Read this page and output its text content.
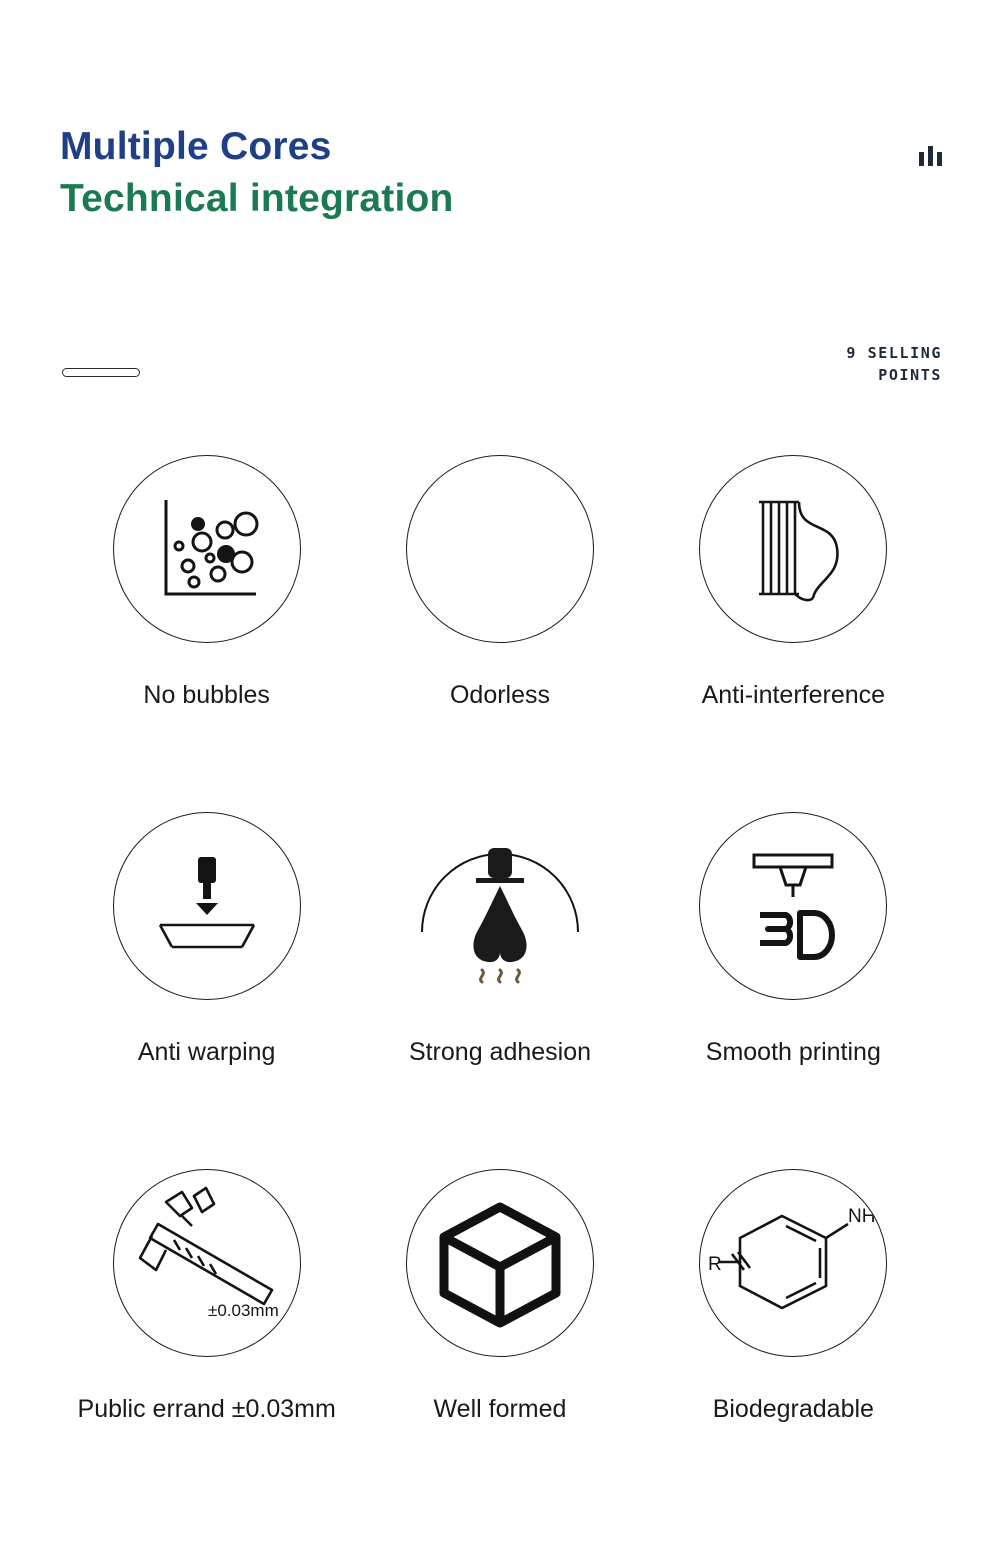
Multiple Cores
Technical integration
9 SELLING
POINTS
No bubbles	Odorless	Anti-interference
Anti warping	Strong adhesion	Smooth printing
±0.03mm
Public errand ±0.03mm	Well formed
NH
R
Biodegradable
